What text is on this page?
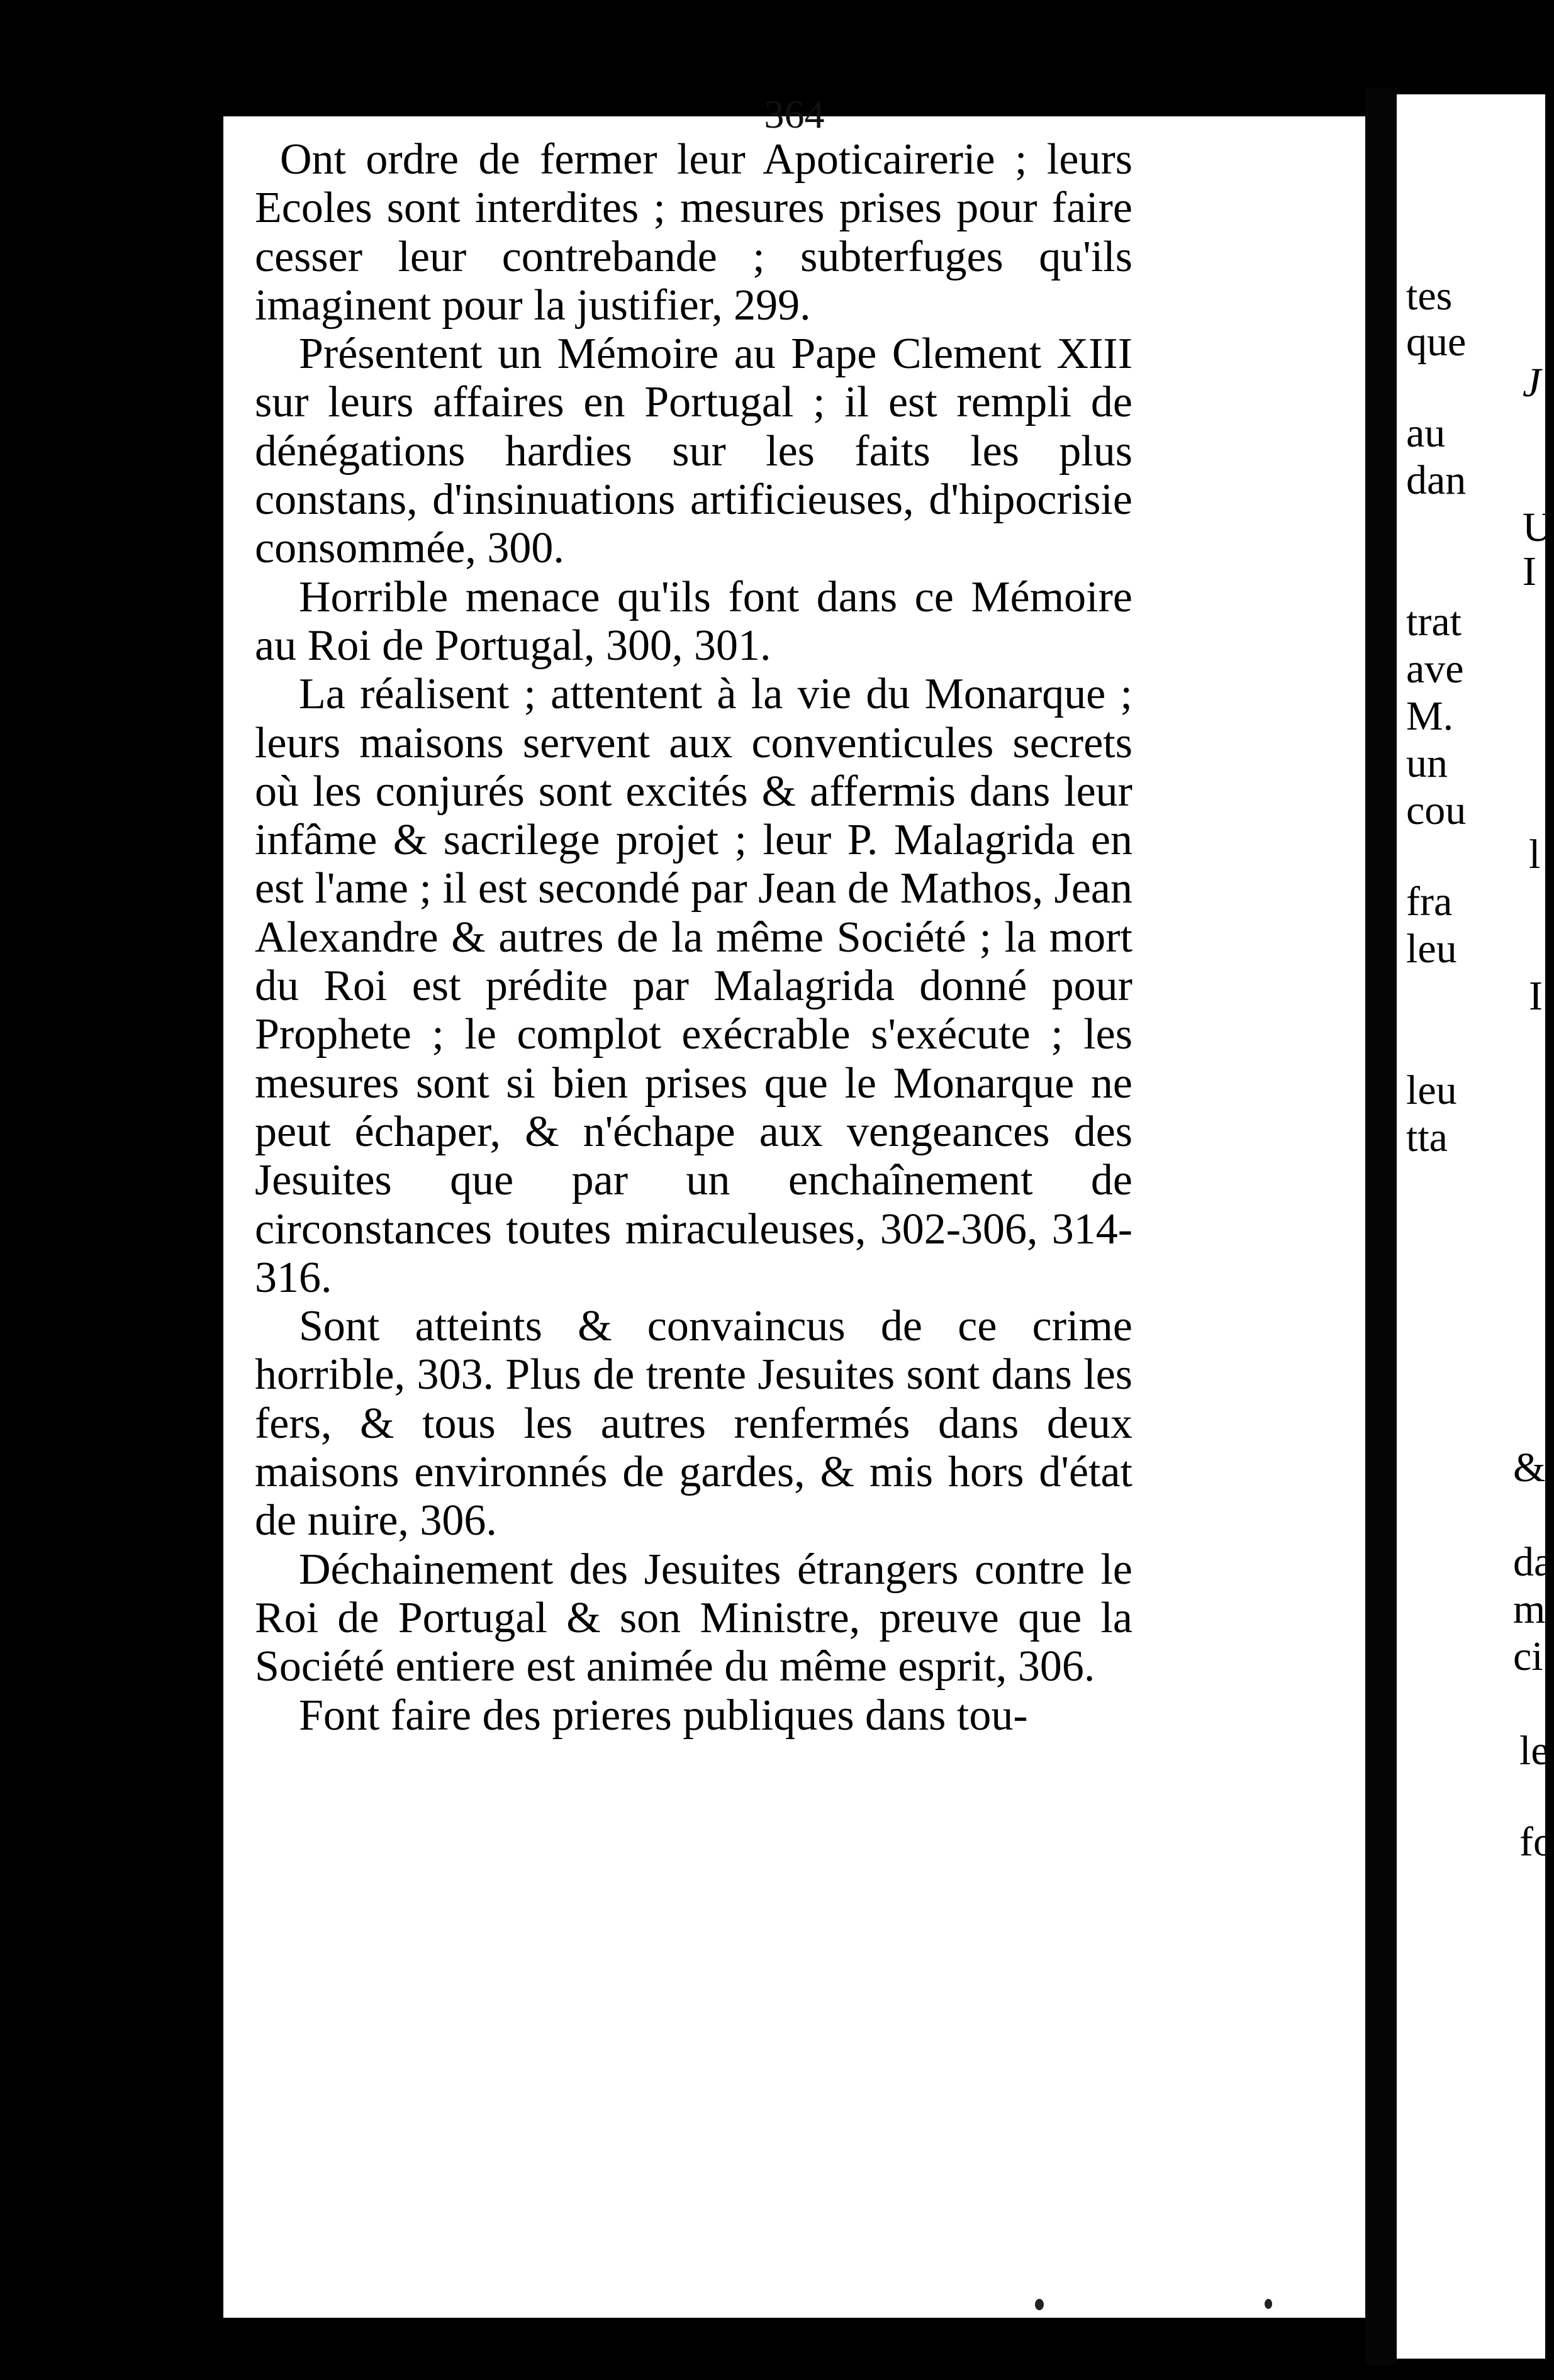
364

Ont ordre de fermer leur Apoticairerie ; leurs Ecoles sont interdites ; mesures prises pour faire cesser leur contrebande ; subterfuges qu'ils imaginent pour la justifier, 299.

Présentent un Mémoire au Pape Clement XIII sur leurs affaires en Portugal ; il est rempli de dénégations hardies sur les faits les plus constans, d'insinuations artificieuses, d'hipocrisie consommée, 300.

Horrible menace qu'ils font dans ce Mémoire au Roi de Portugal, 300, 301.

La réalisent ; attentent à la vie du Monarque ; leurs maisons servent aux conventicules secrets où les conjurés sont excités & affermis dans leur infâme & sacrilege projet ; leur P. Malagrida en est l'ame ; il est secondé par Jean de Mathos, Jean Alexandre & autres de la même Société ; la mort du Roi est prédite par Malagrida donné pour Prophete ; le complot exécrable s'exécute ; les mesures sont si bien prises que le Monarque ne peut échaper, & n'échape aux vengeances des Jesuites que par un enchaînement de circonstances toutes miraculeuses, 302-306, 314-316.

Sont atteints & convaincus de ce crime horrible, 303. Plus de trente Jesuites sont dans les fers, & tous les autres renfermés dans deux maisons environnés de gardes, & mis hors d'état de nuire, 306.

Déchainement des Jesuites étrangers contre le Roi de Portugal & son Ministre, preuve que la Société entiere est animée du même esprit, 306.

Font faire des prieres publiques dans tou-

tes
que
J
au
dan
U
I
trat
ave
M.
un
cou
l
fra
leu
I
leu
tta
&
da
m
ci
le
fo
